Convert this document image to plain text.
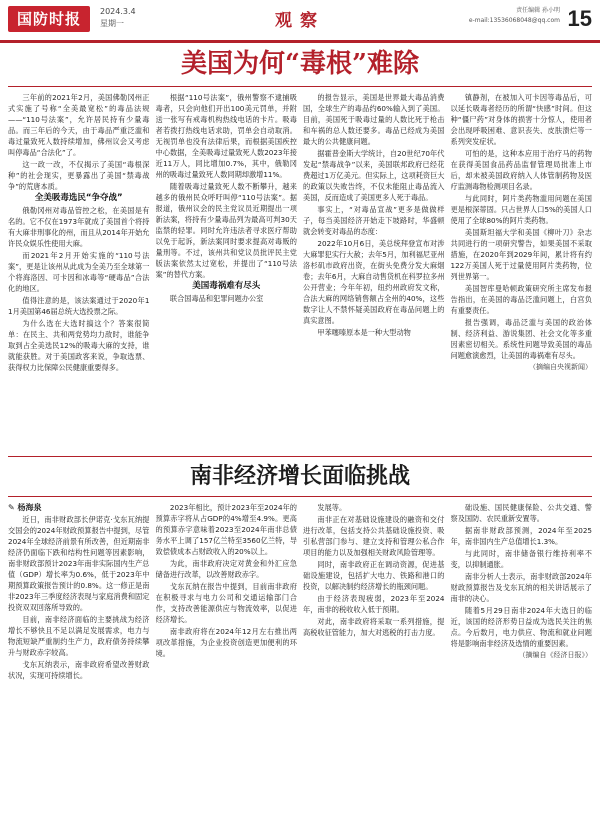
国防时报	2024.3.4
星期一	观察
责任编辑 孙小明
e-mail:13536068048@qq.com 15
美国为何“毒根”难除

三年前的2021年2月，美国佛勒冈州正式实施了号称“全美最宽松”的毒品法规——“110号法案”，允许居民持有少量毒品。而三年后的今天，由于毒品严重泛滥和毒过量致死人数持续增加，佛州议会又考虑叫停毒品“合法化”了。

这一政一改，不仅揭示了美国“毒根深种”的社会现实，更暴露出了美国“禁毒战争”的荒唐本质。

全美吸毒选民“争夺战”

俄勒冈州对毒品管控之松，在美国是有名的。它不仅在1973年就成了美国首个将持有大麻非刑事化的州，而且从2014年开始允许民众娱乐性使用大麻。

而2021年2月开始实施的“110号法案”，更是让该州从此成为全美乃至全球第一个将海洛因、可卡因和冰毒等“硬毒品”合法化的地区。

值得注意的是，该法案通过于2020年11月美国第46届总统大选投票之际。

为什么选在大选时搞这个？答案很简单：在民主、共和两党势均力敌时，谁能争取到占全美选民12%的吸毒大麻的支持，谁就能获胜。对于美国政客来说，争取选票、获得权力比保障公民健康重要得多。

根据“110号法案”，俄州警察不逮捕吸毒者，只会向他们开出100美元罚单，并附送一张写有戒毒机构热线电话的卡片。吸毒者若拨打热线电话求助，罚单会自动取消。无视罚单也没有法律后果，而根据美国疾控中心数据，全美吸毒过量致死人数2023年接近11万人，同比增加0.7%，其中，俄勒冈州的吸毒过量致死人数同期却激增11%。

随着吸毒过量致死人数不断攀升，越来越多的俄州民众呼吁叫停“110号法案”。据报道，俄州议会的民主党议员近期提出一项新法案，将持有少量毒品列为最高可判30天监禁的轻罪。同时允许违法者寻求医疗帮助以免于起诉，新法案同时要求提高对毒贩的量刑等。不过，该州共和党议员批评民主党版法案依然太过宽松，并提出了“110号法案”的替代方案。

美国毒祸难有尽头

联合国毒品和犯罪问题办公室

的报告显示，美国是世界最大毒品消费国，全球生产的毒品约60%输入到了美国。目前，美国死于吸毒过量的人数比死于枪击和车祸的总人数还要多。毒品已经成为美国最大的公共健康问题。

据霍普金斯大学统计，自20世纪70年代发起“禁毒战争”以来，美国联邦政府已经花费超过1万亿美元。但实际上，这项耗资巨大的政策以失败告终，不仅未能阻止毒品流入美国，反而造成了美国更多人死于毒品。

事实上，“对毒品宣战”更多是做做样子，每当美国经济开始走下坡路时，华盛顿就会转变对毒品的态度：

2022年10月6日，美总统拜登宣布对涉大麻罪犯实行大赦；去年5月，加利福尼亚州洛杉矶市政府出资，在街头免费分发大麻烟卷；去年6月，大麻自动售货机在科罗拉多州公开营业；今年年初，纽约州政府发文称，合法大麻的网络销售额占全州的40%，这些数字让人不禁怀疑美国政府在毒品问题上的真实意图。

甲苯噻嗪原本是一种大型动物

镇静剂，在被加入可卡因等毒品后，可以延长吸毒者经历的所谓“快感”时间。但这种“僵尸药”对身体的损害十分惊人，使用者会出现呼吸困难、意识丧失、皮肤溃烂等一系列突发症状。

可怕的是，这种本应用于治疗马的药物在获得美国食品药品监督管理局批准上市后，却未被美国政府纳入人体管制药物及医疗监测毒物检测项目名录。

与此同时，阿片类药物滥用问题在美国更是根深蒂固。只占世界人口5%的美国人口使用了全球80%的阿片类药物。

美国斯坦福大学和美国《柳叶刀》杂志共同进行的一项研究警告，如果美国不采取措施，在2020年到2029年间，累计将有约122万美国人死于过量使用阿片类药物，位列世界第一。

美国智库曼哈顿政策研究所主席发布报告指出，在美国的毒品泛滥问题上，白宫负有重要责任。

报告强调，毒品泛滥与美国的政治体制、经济利益、游说集团、社会文化等多重因素密切相关。系统性问题导致美国的毒品问题愈演愈烈，让美国的毒祸难有尽头。

（摘编自央视新闻）

南非经济增长面临挑战

✎ 杨海泉

近日，南非财政部长伊诺克·戈东瓦纳提交国会的2024年财政预算报告中提到，尽管2024年全球经济前景有所改善，但近期南非经济仍面临下跌和结构性问题等因素影响，南非财政部预计2023年南非实际国内生产总值（GDP）增长率为0.6%，低于2023年中期预算政策报告预计的0.8%。这一修正是南非2023年三季度经济表现与家庭消费和固定投资双双回落所导致的。

目前，南非经济面临的主要挑战为经济增长不够快且不足以满足发展需求，电力与物流短缺严重制约生产力，政府债务持续攀升与财政赤字较高。

戈东瓦纳表示，南非政府希望改善财政状况，实现可持续增长。

2023年相比，预计2023年至2024年的预算赤字将从占GDP的4%增至4.9%。更高的预算赤字意味着2023至2024年南非总债务水平上调了157亿兰特至3560亿兰特，导致偿债成本占财政收入的20%以上。

为此，南非政府决定对黄金和外汇应急储备进行改革，以改善财政赤字。

戈东瓦纳在报告中提到，目前南非政府在积极寻求与电力公司和交通运输部门合作，支持改善能源供应与物流效率，以促进经济增长。

南非政府将在2024年12月左右推出两项改革措施，为企业投资创造更加便利的环境。

发展等。

南非正在对基础设施建设的融资和交付进行改革，包括支持公共基础设施投资、吸引私营部门参与、建立支持和管理公私合作项目的能力以及加强相关财政风险管理等。

同时，南非政府正在调动资源，促进基础设施建设，包括扩大电力、铁路和港口的投资，以解决制约经济增长的瓶颈问题。

由于经济表现疲弱，2023年至2024年，南非的税收收入低于预期。

对此，南非政府将采取一系列措施，提高税收征管能力，加大对逃税的打击力度。

础设施、国民健康保险、公共交通、警察及国防、农民重新安置等。

据南非财政部预测，2024年至2025年，南非国内生产总值增长1.3%。

与此同时，南非储备银行维持利率不变，以抑制通胀。

南非分析人士表示，南非财政部2024年财政预算报告及戈东瓦纳的相关讲话展示了南非的决心。

随着5月29日南非2024年大选日的临近，该国的经济形势日益成为选民关注的焦点。今后数月，电力供应、物流和就业问题将是影响南非经济及选情的重要因素。

（摘编自《经济日报》）
